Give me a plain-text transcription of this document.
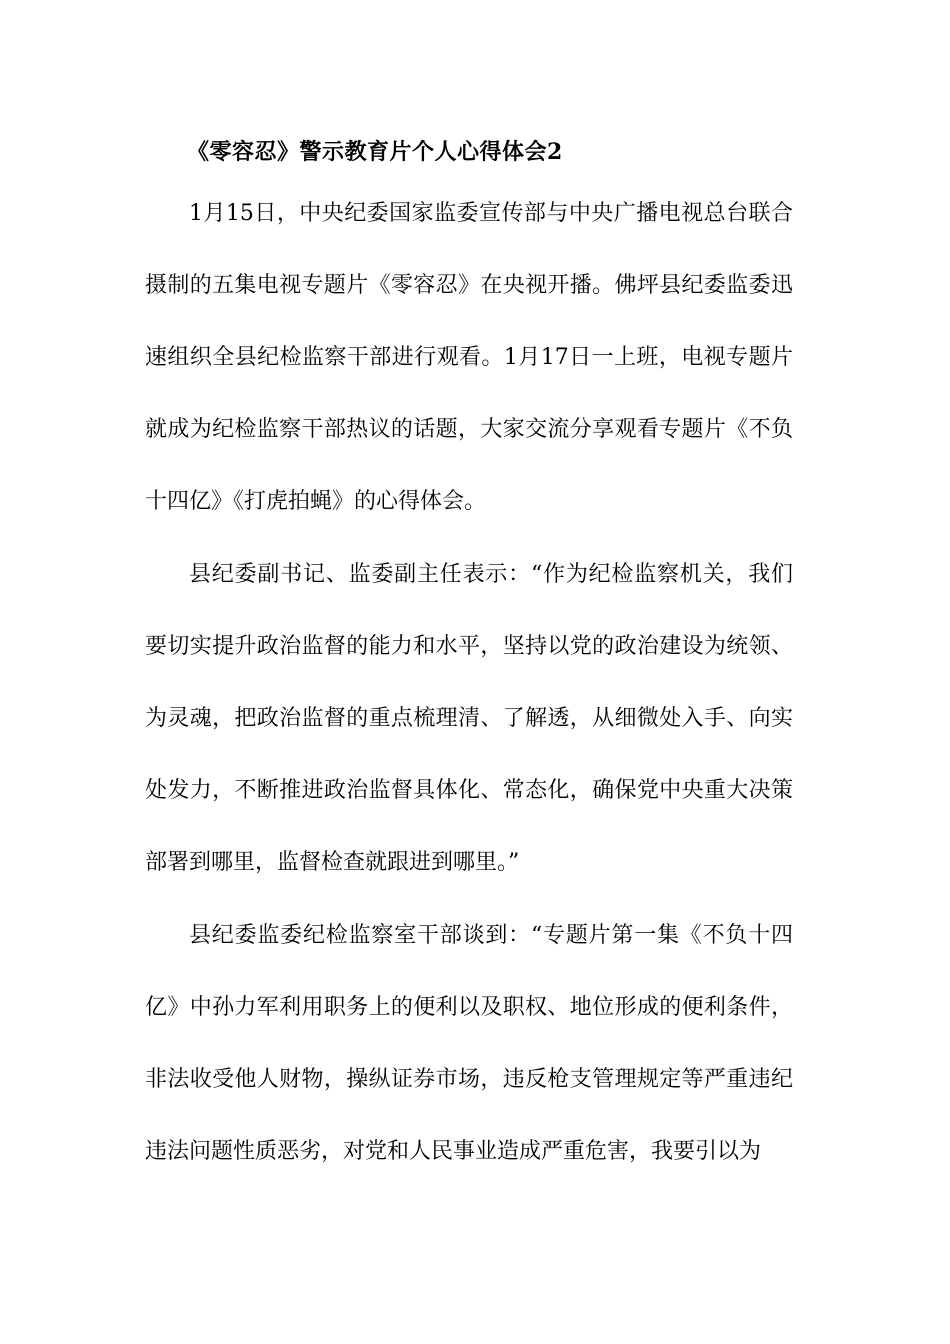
《零容忍》警示教育片个人心得体会2

1月15日，中央纪委国家监委宣传部与中央广播电视总台联合摄制的五集电视专题片《零容忍》在央视开播。佛坪县纪委监委迅速组织全县纪检监察干部进行观看。1月17日一上班，电视专题片就成为纪检监察干部热议的话题，大家交流分享观看专题片《不负十四亿》《打虎拍蝇》的心得体会。

县纪委副书记、监委副主任表示：“作为纪检监察机关，我们要切实提升政治监督的能力和水平，坚持以党的政治建设为统领、为灵魂，把政治监督的重点梳理清、了解透，从细微处入手、向实处发力，不断推进政治监督具体化、常态化，确保党中央重大决策部署到哪里，监督检查就跟进到哪里。”

县纪委监委纪检监察室干部谈到：“专题片第一集《不负十四亿》中孙力军利用职务上的便利以及职权、地位形成的便利条件，非法收受他人财物，操纵证券市场，违反枪支管理规定等严重违纪违法问题性质恶劣，对党和人民事业造成严重危害，我要引以为
